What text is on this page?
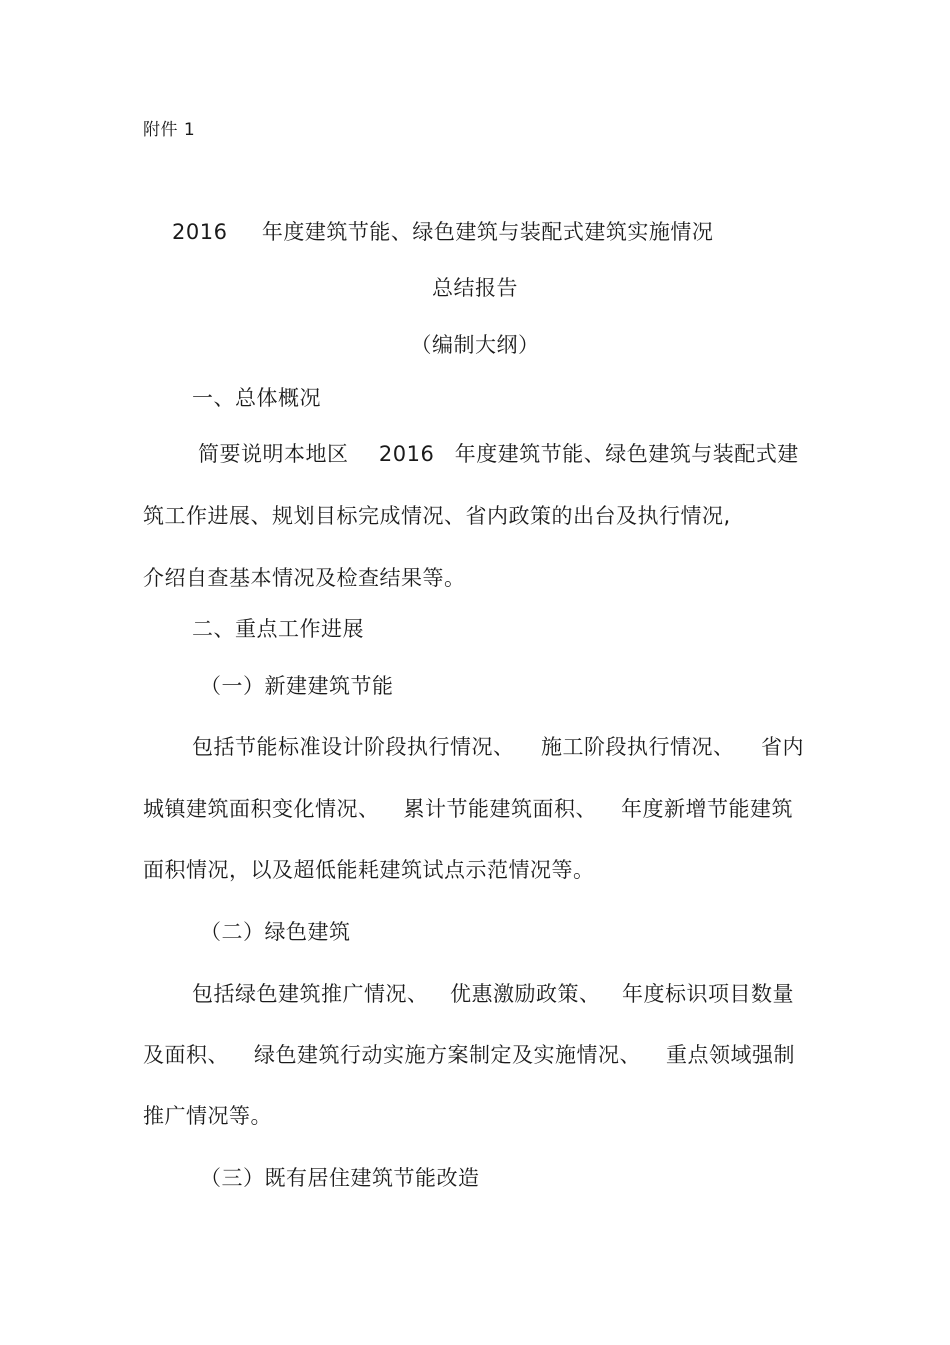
附件 1
2016 年度建筑节能、绿色建筑与装配式建筑实施情况
总结报告
（编制大纲）
一、总体概况
简要说明本地区 2016 年度建筑节能、绿色建筑与装配式建
筑工作进展、规划目标完成情况、省内政策的出台及执行情况,
介绍自查基本情况及检查结果等。
二、重点工作进展
（一）新建建筑节能
包括节能标准设计阶段执行情况、 施工阶段执行情况、 省内
城镇建筑面积变化情况、 累计节能建筑面积、 年度新增节能建筑
面积情况，以及超低能耗建筑试点示范情况等。
（二）绿色建筑
包括绿色建筑推广情况、 优惠激励政策、 年度标识项目数量
及面积、 绿色建筑行动实施方案制定及实施情况、 重点领域强制
推广情况等。
（三）既有居住建筑节能改造
